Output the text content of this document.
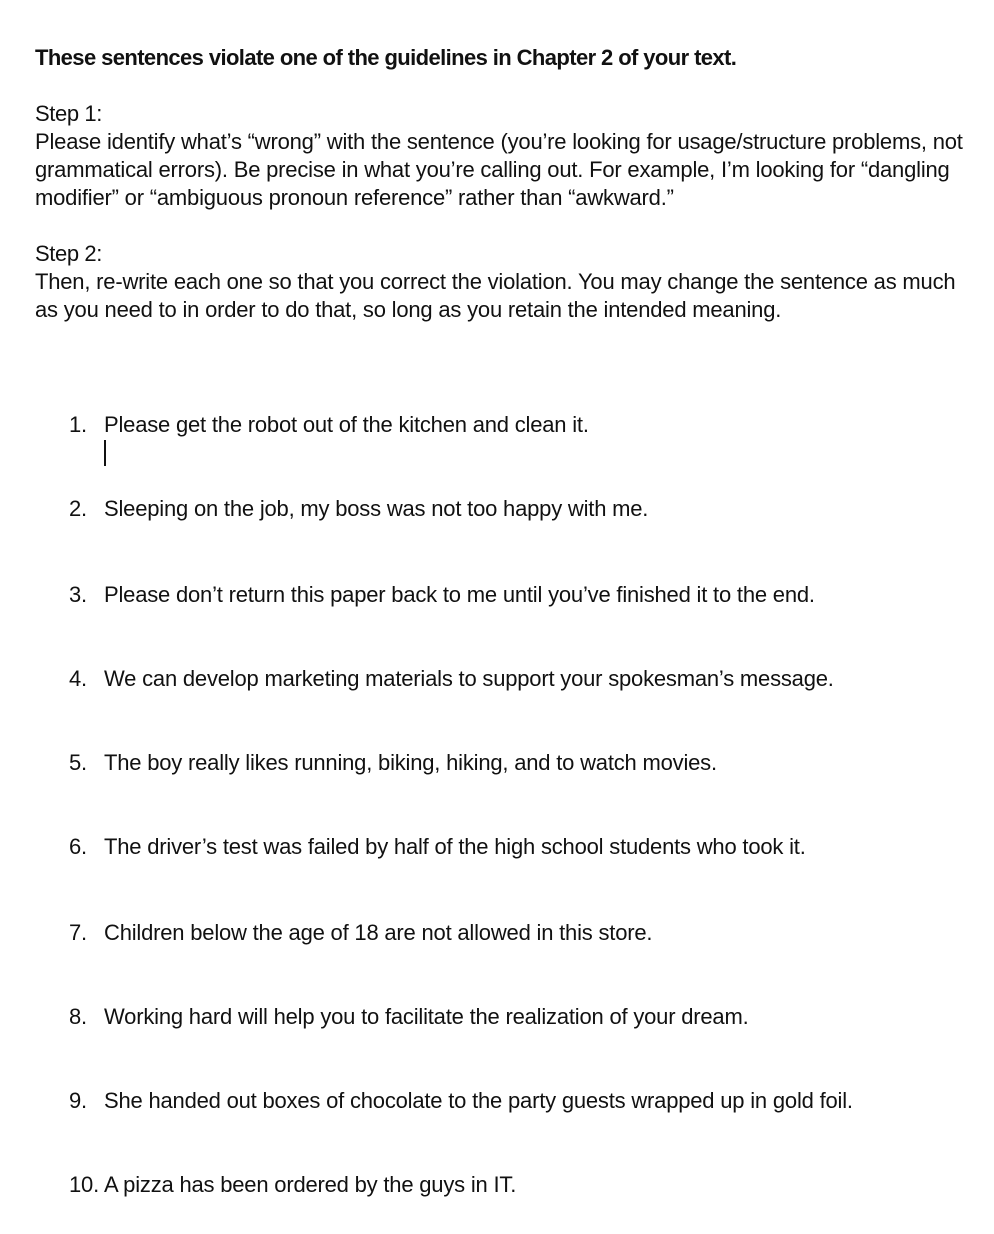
These sentences violate one of the guidelines in Chapter 2 of your text.

Step 1:

Please identify what’s “wrong” with the sentence (you’re looking for usage/structure problems, not grammatical errors). Be precise in what you’re calling out. For example, I’m looking for “dangling modifier” or “ambiguous pronoun reference” rather than “awkward.”

Step 2:

Then, re-write each one so that you correct the violation. You may change the sentence as much as you need to in order to do that, so long as you retain the intended meaning.

1. Please get the robot out of the kitchen and clean it.
2. Sleeping on the job, my boss was not too happy with me.
3. Please don’t return this paper back to me until you’ve finished it to the end.
4. We can develop marketing materials to support your spokesman’s message.
5. The boy really likes running, biking, hiking, and to watch movies.
6. The driver’s test was failed by half of the high school students who took it.
7. Children below the age of 18 are not allowed in this store.
8. Working hard will help you to facilitate the realization of your dream.
9. She handed out boxes of chocolate to the party guests wrapped up in gold foil.
10. A pizza has been ordered by the guys in IT.
